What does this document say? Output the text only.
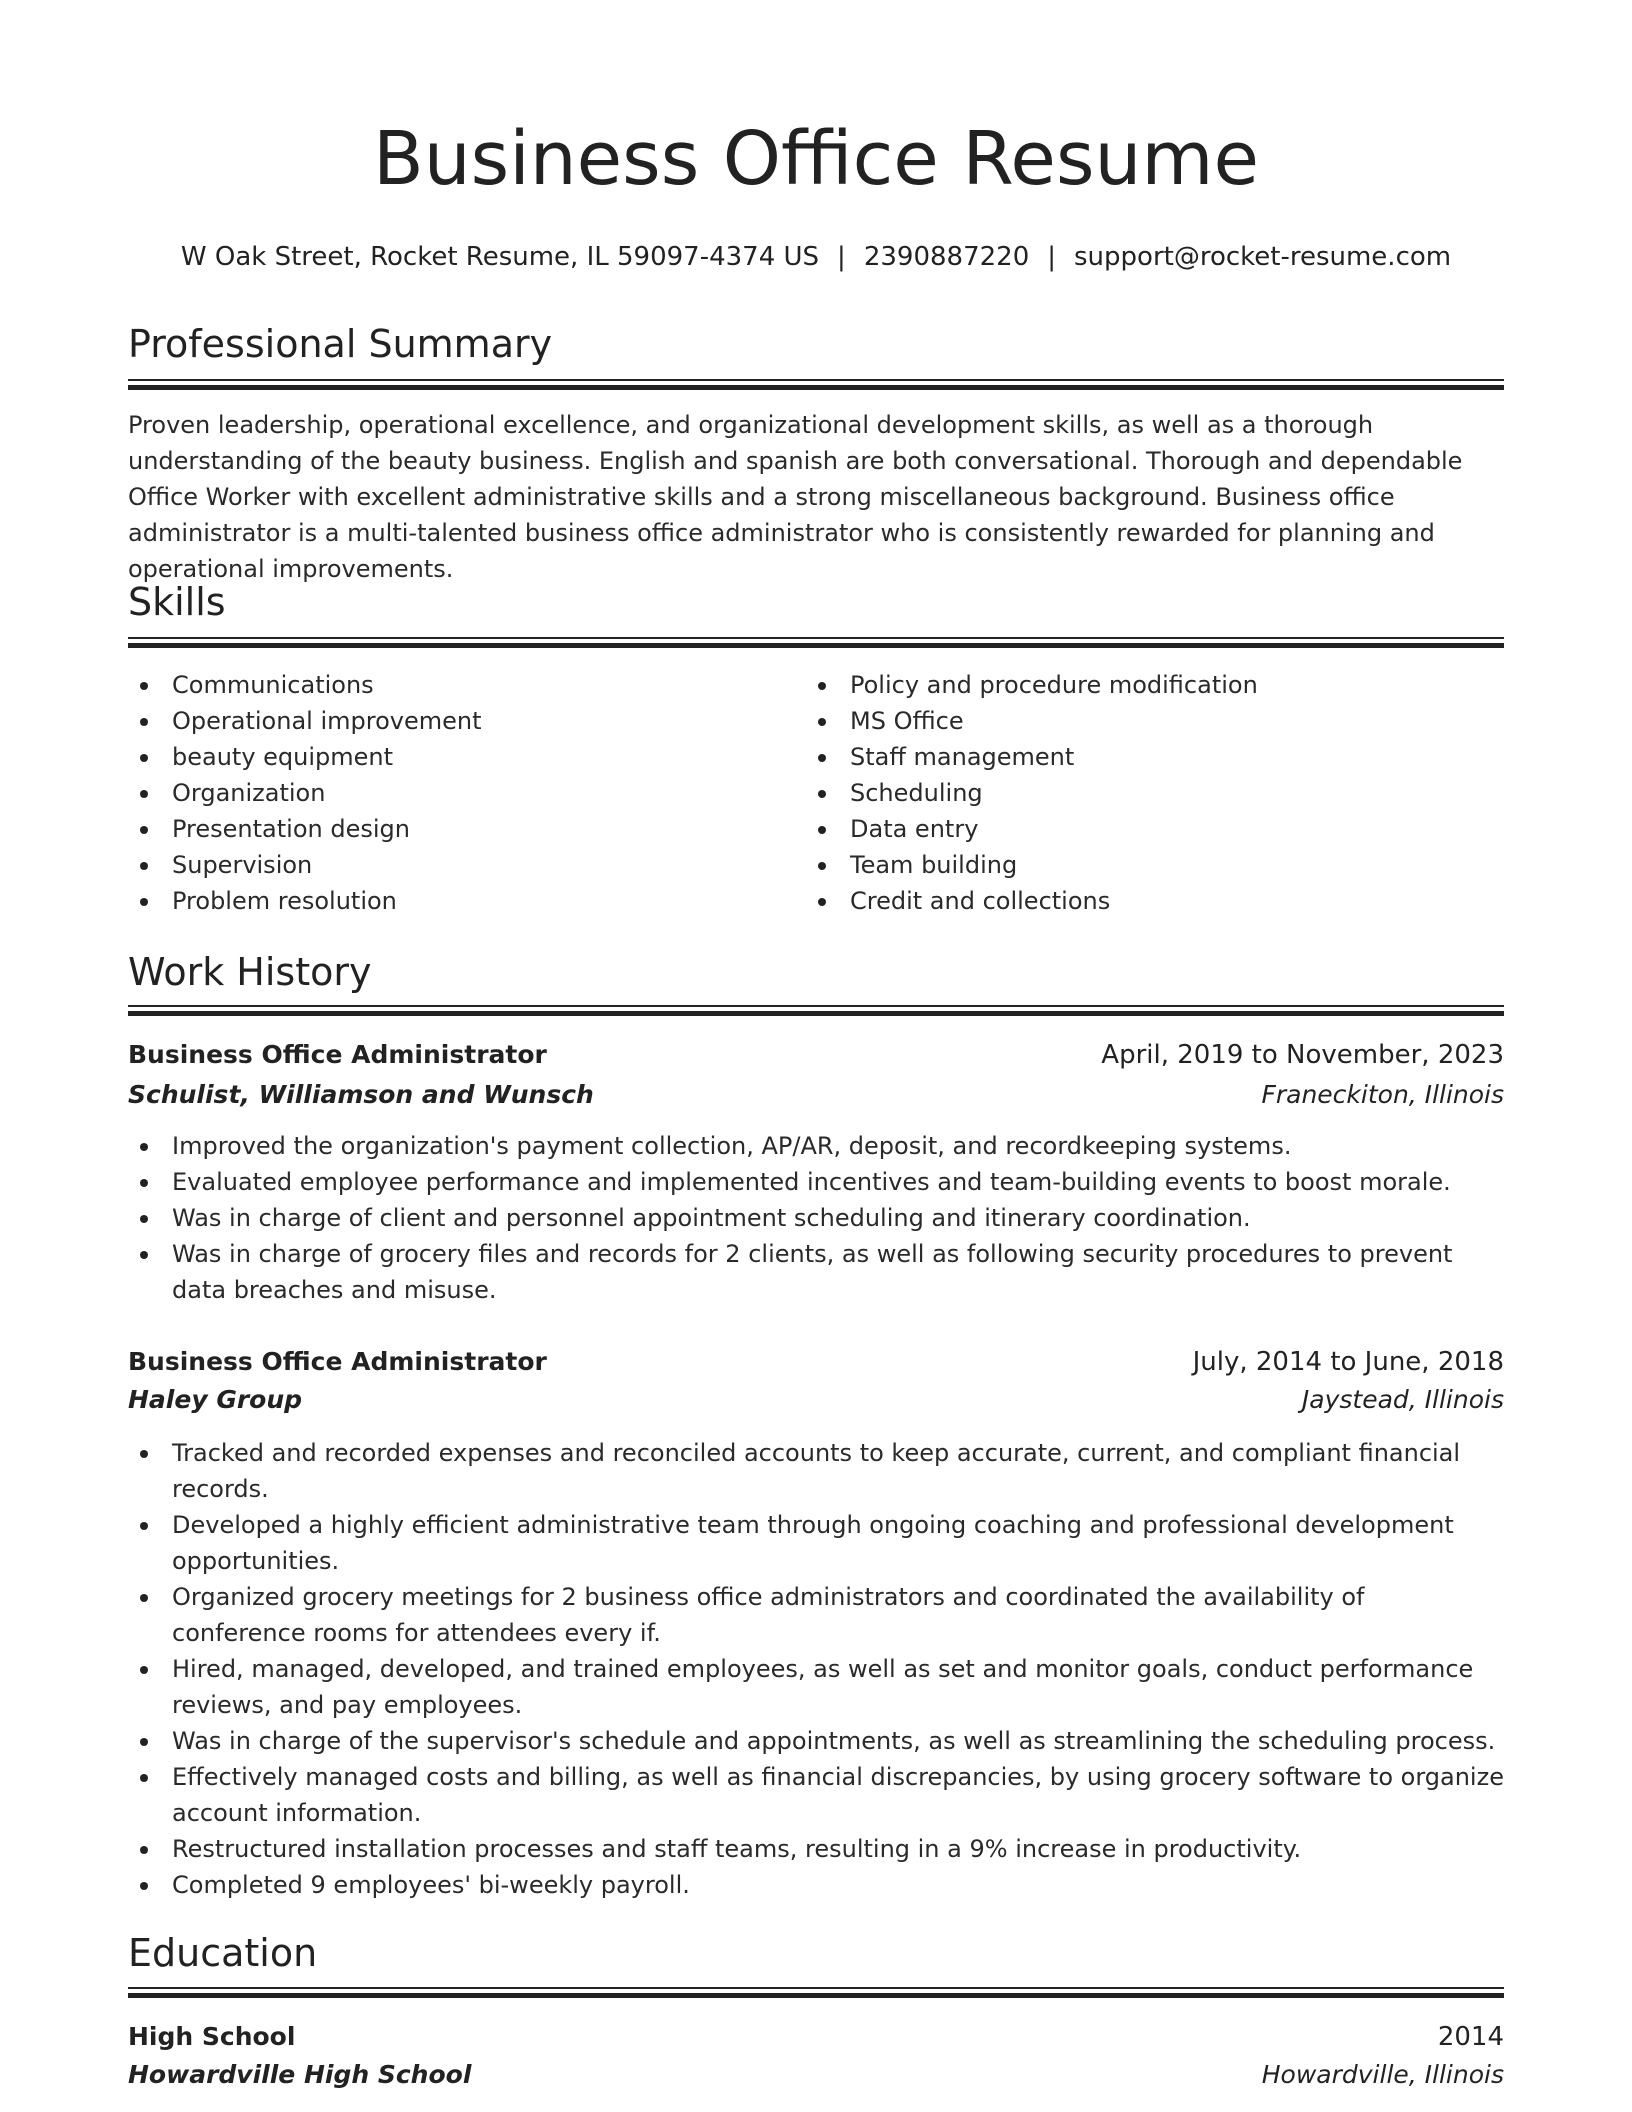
Business Office Resume
W Oak Street, Rocket Resume, IL 59097-4374 US | 2390887220 | support@rocket-resume.com
Professional Summary

Proven leadership, operational excellence, and organizational development skills, as well as a thorough understanding of the beauty business. English and spanish are both conversational. Thorough and dependable Office Worker with excellent administrative skills and a strong miscellaneous background. Business office administrator is a multi-talented business office administrator who is consistently rewarded for planning and operational improvements.

Skills
Communications
Operational improvement
beauty equipment
Organization
Presentation design
Supervision
Problem resolution
Policy and procedure modification
MS Office
Staff management
Scheduling
Data entry
Team building
Credit and collections
Work History
Business Office Administrator	April, 2019 to November, 2023
Schulist, Williamson and Wunsch	Franeckiton, Illinois
Improved the organization's payment collection, AP/AR, deposit, and recordkeeping systems.
Evaluated employee performance and implemented incentives and team-building events to boost morale.
Was in charge of client and personnel appointment scheduling and itinerary coordination.
Was in charge of grocery files and records for 2 clients, as well as following security procedures to prevent data breaches and misuse.
Business Office Administrator	July, 2014 to June, 2018
Haley Group	Jaystead, Illinois
Tracked and recorded expenses and reconciled accounts to keep accurate, current, and compliant financial records.
Developed a highly efficient administrative team through ongoing coaching and professional development opportunities.
Organized grocery meetings for 2 business office administrators and coordinated the availability of conference rooms for attendees every if.
Hired, managed, developed, and trained employees, as well as set and monitor goals, conduct performance reviews, and pay employees.
Was in charge of the supervisor's schedule and appointments, as well as streamlining the scheduling process.
Effectively managed costs and billing, as well as financial discrepancies, by using grocery software to organize account information.
Restructured installation processes and staff teams, resulting in a 9% increase in productivity.
Completed 9 employees' bi-weekly payroll.
Education
High School	2014
Howardville High School	Howardville, Illinois
